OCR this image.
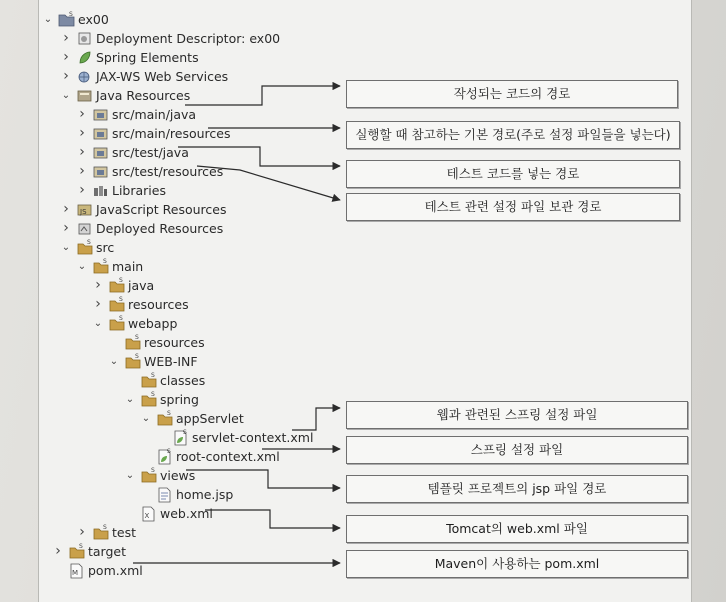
⌄	S ex00
› Deployment Descriptor: ex00
› Spring Elements
› JAX-WS Web Services
⌄ Java Resources
› src/main/java
› src/main/resources
› src/test/java
› src/test/resources
› Libraries
› JS JavaScript Resources
› Deployed Resources
⌄	S src
⌄	S main
›	S java
›	S resources
⌄	S webapp
S resources
⌄	S WEB-INF
S classes
⌄	S spring
⌄	S appServlet
S servlet-context.xml
S root-context.xml
⌄	S views
home.jsp
X web.xml
›	S test
›	S target
M pom.xml
작성되는 코드의 경로
실행할 때 참고하는 기본 경로(주로 설정 파일들을 넣는다)
테스트 코드를 넣는 경로
테스트 관련 설정 파일 보관 경로
웹과 관련된 스프링 설정 파일
스프링 설정 파일
템플릿 프로젝트의 jsp 파일 경로
Tomcat의 web.xml 파일
Maven이 사용하는 pom.xml
